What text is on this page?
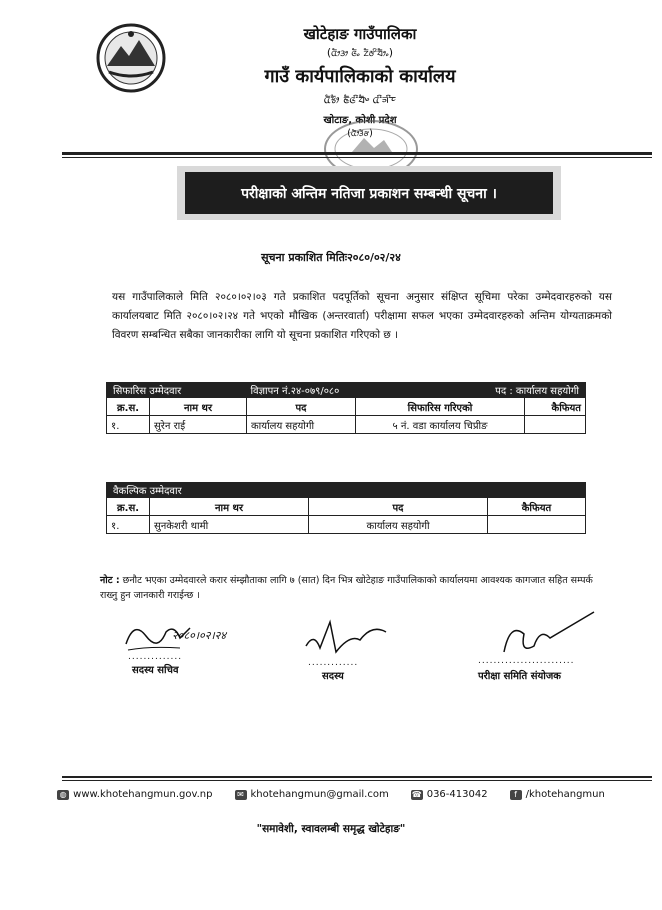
खोटेहाङ गाउँपालिका
(ᤂᤥᤋᤣ ᤜᤠᤱ ᤁᤠᤅᤡᤔᤥᤱ)
गाउँ कार्यपालिकाको कार्यालय
ᤂᤠᤃᤥ ᤇᤠᤜᤡᤔᤠᤴ ᤂᤡᤈᤡᤰ
खोटाङ, कोशी प्रदेश
(ᤂᤥᤋᤠᤅ)
परीक्षाको अन्तिम नतिजा प्रकाशन सम्बन्धी सूचना ।
सूचना प्रकाशित मितिः२०८०/०२/२४
यस गाउँपालिकाले मिति २०८०।०२।०३ गते प्रकाशित पदपूर्तिको सूचना अनुसार संक्षिप्त सूचिमा परेका उम्मेदवारहरुको यस कार्यालयबाट मिति २०८०।०२।२४ गते भएको मौखिक (अन्तरवार्ता) परीक्षामा सफल भएका उम्मेदवारहरुको अन्तिम योग्यताक्रमको विवरण सम्बन्धित सबैका जानकारीका लागि यो सूचना प्रकाशित गरिएको छ ।
सिफारिस उम्मेदवार विज्ञापन नं.२४-०७९/०८० पद : कार्यालय सहयोगी				

क्र.स.	नाम थर	पद	सिफारिस गरिएको	कैफियत
१.	सुरेन राई	कार्यालय सहयोगी	५ नं. वडा कार्यालय चिप्रीङ	
वैकल्पिक उम्मेदवार			
क्र.स.	नाम थर	पद	कैफियत
१.	सुनकेशरी थामी	कार्यालय सहयोगी	
नोट : छनौट भएका उम्मेदवारले करार संम्झौताका लागि ७ (सात) दिन भित्र खोटेहाङ गाउँपालिकाको कार्यालयमा आवश्यक कागजात सहित सम्पर्क राख्नु हुन जानकारी गराईन्छ ।
२०८०।०२।२४
..............
सदस्य सचिव
.............
सदस्य
.........................
परीक्षा समिति संयोजक
◍ www.khotehangmun.gov.np	✉ khotehangmun@gmail.com	☎ 036-413042	f /khotehangmun
"समावेशी, स्वावलम्बी समृद्ध खोटेहाङ"
